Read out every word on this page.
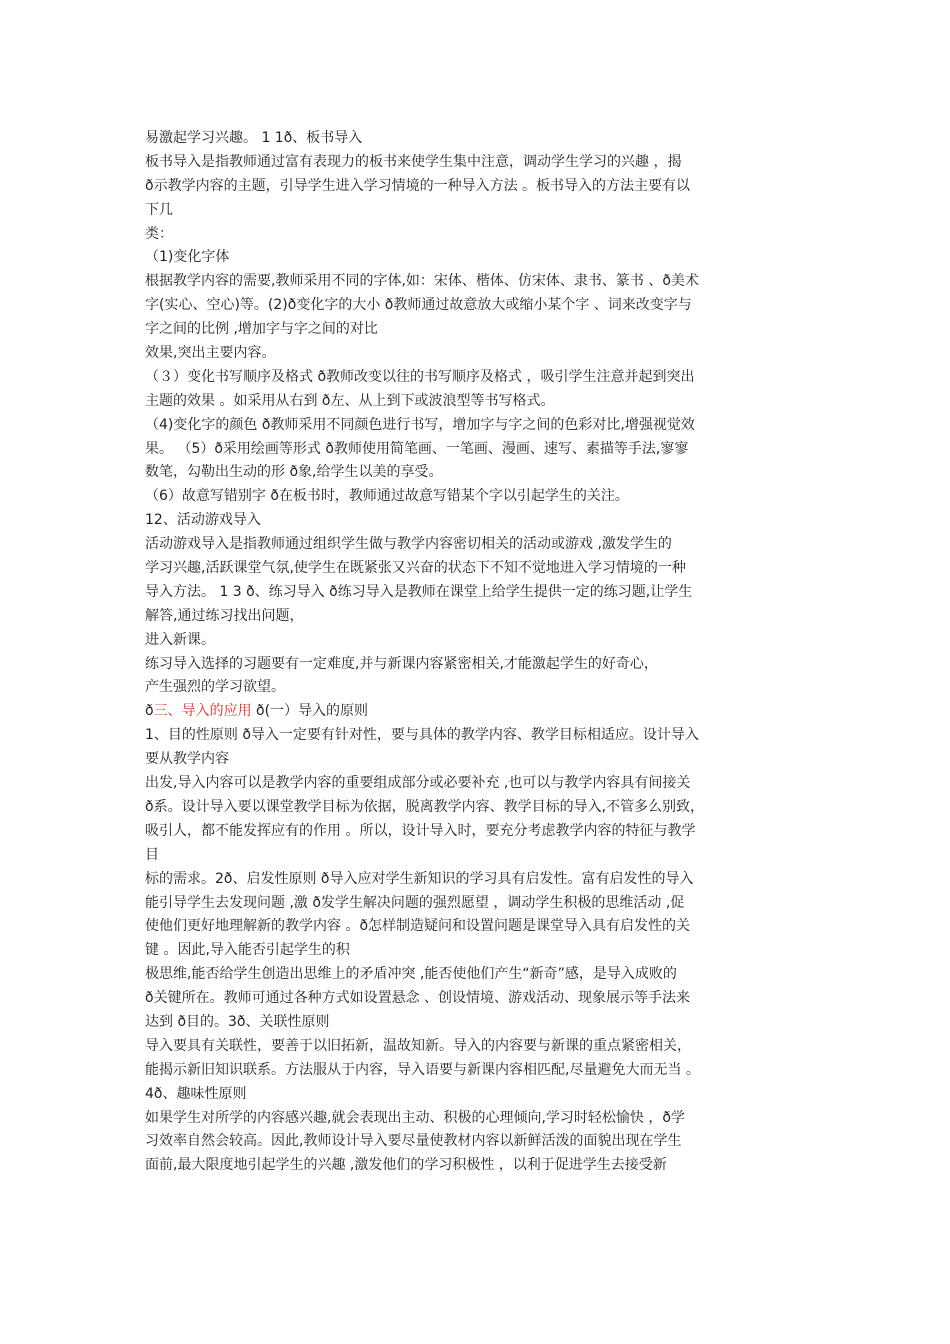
易激起学习兴趣。 1 1ð、板书导入
板书导入是指教师通过富有表现力的板书来使学生集中注意，调动学生学习的兴趣 ，揭
ð示教学内容的主题，引导学生进入学习情境的一种导入方法 。板书导入的方法主要有以
下几
类：
（1)变化字体
根据教学内容的需要,教师采用不同的字体,如：宋体、楷体、仿宋体、隶书、篆书 、ð美术
字(实心、空心)等。(2)ð变化字的大小 ð教师通过故意放大或缩小某个字 、词来改变字与
字之间的比例 ,增加字与字之间的对比
效果,突出主要内容。
（３）变化书写顺序及格式 ð教师改变以往的书写顺序及格式 ，吸引学生注意并起到突出
主题的效果 。如采用从右到 ð左、从上到下或波浪型等书写格式。
（4)变化字的颜色 ð教师采用不同颜色进行书写，增加字与字之间的色彩对比,增强视觉效
果。 （5）ð采用绘画等形式 ð教师使用简笔画、一笔画、漫画、速写、素描等手法,寥寥
数笔，勾勒出生动的形 ð象,给学生以美的享受。
（6）故意写错别字 ð在板书时，教师通过故意写错某个字以引起学生的关注。
12、活动游戏导入
活动游戏导入是指教师通过组织学生做与教学内容密切相关的活动或游戏 ,激发学生的
学习兴趣,活跃课堂气氛,使学生在既紧张又兴奋的状态下不知不觉地进入学习情境的一种
导入方法。 1 3 ð、练习导入 ð练习导入是教师在课堂上给学生提供一定的练习题,让学生
解答,通过练习找出问题，
进入新课。
练习导入选择的习题要有一定难度,并与新课内容紧密相关,才能激起学生的好奇心，
产生强烈的学习欲望。
ð三、导入的应用 ð(一）导入的原则
1、目的性原则 ð导入一定要有针对性，要与具体的教学内容、教学目标相适应。设计导入
要从教学内容
出发,导入内容可以是教学内容的重要组成部分或必要补充 ,也可以与教学内容具有间接关
ð系。设计导入要以课堂教学目标为依据，脱离教学内容、教学目标的导入,不管多么别致，
吸引人，都不能发挥应有的作用 。所以，设计导入时，要充分考虑教学内容的特征与教学
目
标的需求。2ð、启发性原则 ð导入应对学生新知识的学习具有启发性。富有启发性的导入
能引导学生去发现问题 ,激 ð发学生解决问题的强烈愿望 ，调动学生积极的思维活动 ,促
使他们更好地理解新的教学内容 。ð怎样制造疑问和设置问题是课堂导入具有启发性的关
键 。因此,导入能否引起学生的积
极思维,能否给学生创造出思维上的矛盾冲突 ,能否使他们产生“新奇”感，是导入成败的
ð关键所在。教师可通过各种方式如设置悬念 、创设情境、游戏活动、现象展示等手法来
达到 ð目的。3ð、关联性原则
导入要具有关联性，要善于以旧拓新，温故知新。导入的内容要与新课的重点紧密相关，
能揭示新旧知识联系。方法服从于内容，导入语要与新课内容相匹配,尽量避免大而无当 。
4ð、趣味性原则
如果学生对所学的内容感兴趣,就会表现出主动、积极的心理倾向,学习时轻松愉快 ，ð学
习效率自然会较高。因此,教师设计导入要尽量使教材内容以新鲜活泼的面貌出现在学生
面前,最大限度地引起学生的兴趣 ,激发他们的学习积极性 ，以利于促进学生去接受新
